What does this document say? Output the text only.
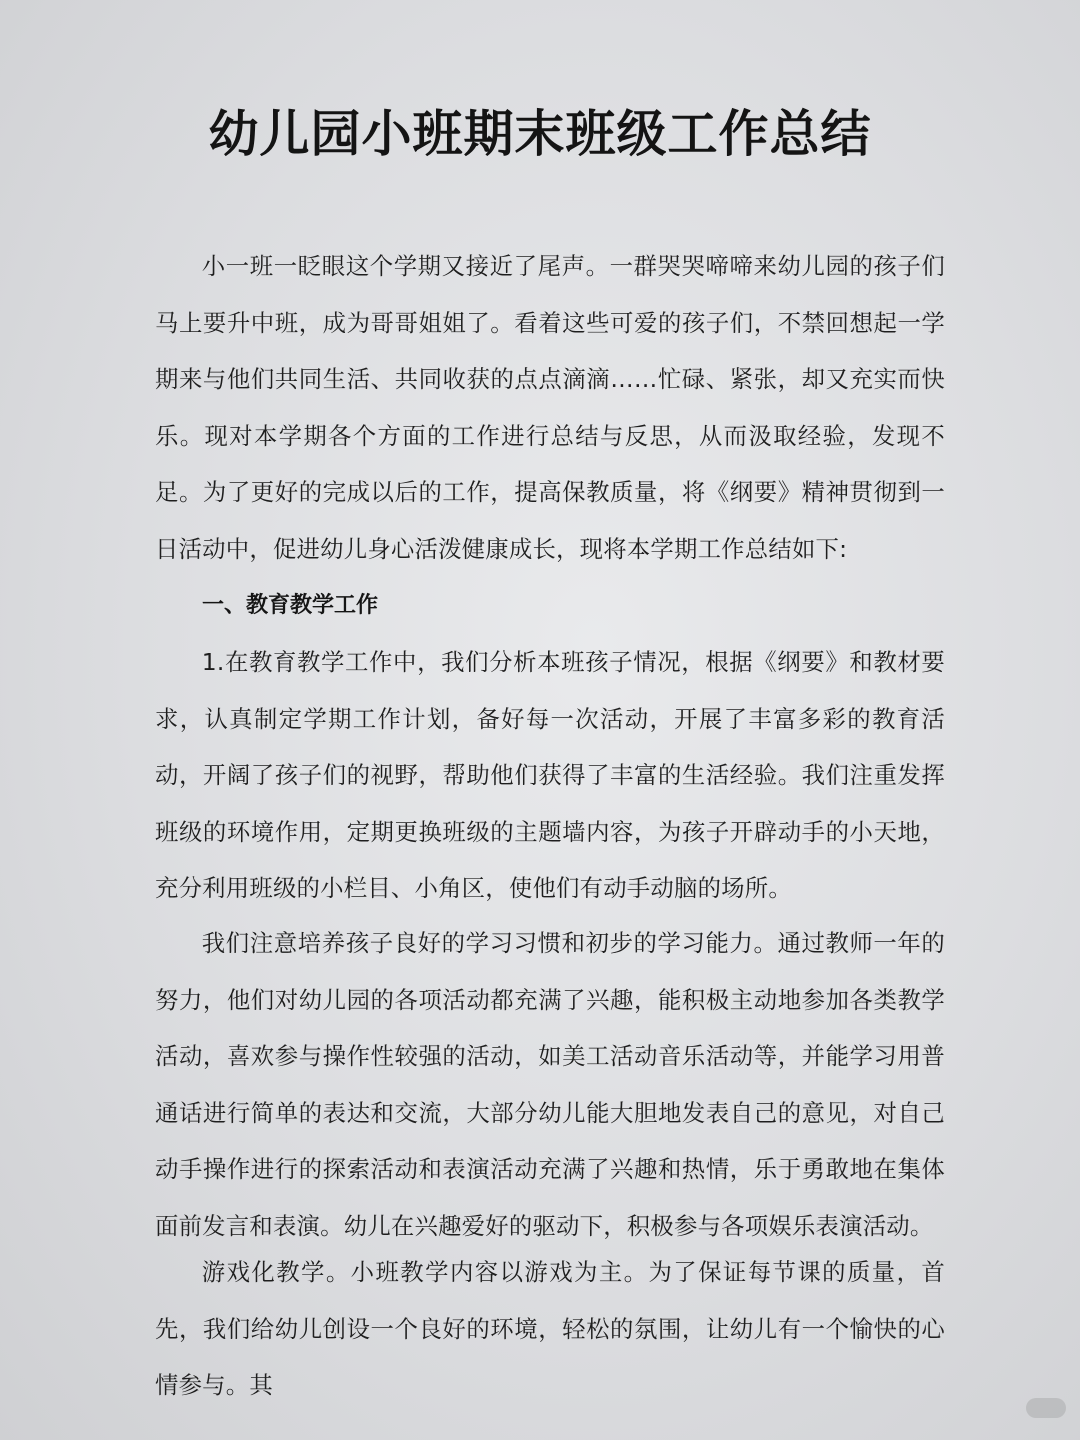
幼儿园小班期末班级工作总结

小一班一眨眼这个学期又接近了尾声。一群哭哭啼啼来幼儿园的孩子们马上要升中班，成为哥哥姐姐了。看着这些可爱的孩子们，不禁回想起一学期来与他们共同生活、共同收获的点点滴滴……忙碌、紧张，却又充实而快乐。现对本学期各个方面的工作进行总结与反思，从而汲取经验，发现不足。为了更好的完成以后的工作，提高保教质量，将《纲要》精神贯彻到一日活动中，促进幼儿身心活泼健康成长，现将本学期工作总结如下:

一、教育教学工作

1.在教育教学工作中，我们分析本班孩子情况，根据《纲要》和教材要求，认真制定学期工作计划，备好每一次活动，开展了丰富多彩的教育活动，开阔了孩子们的视野，帮助他们获得了丰富的生活经验。我们注重发挥班级的环境作用，定期更换班级的主题墙内容，为孩子开辟动手的小天地，充分利用班级的小栏目、小角区，使他们有动手动脑的场所。

我们注意培养孩子良好的学习习惯和初步的学习能力。通过教师一年的努力，他们对幼儿园的各项活动都充满了兴趣，能积极主动地参加各类教学活动，喜欢参与操作性较强的活动，如美工活动音乐活动等，并能学习用普通话进行简单的表达和交流，大部分幼儿能大胆地发表自己的意见，对自己动手操作进行的探索活动和表演活动充满了兴趣和热情，乐于勇敢地在集体面前发言和表演。幼儿在兴趣爱好的驱动下，积极参与各项娱乐表演活动。

游戏化教学。小班教学内容以游戏为主。为了保证每节课的质量，首先，我们给幼儿创设一个良好的环境，轻松的氛围，让幼儿有一个愉快的心情参与。其
